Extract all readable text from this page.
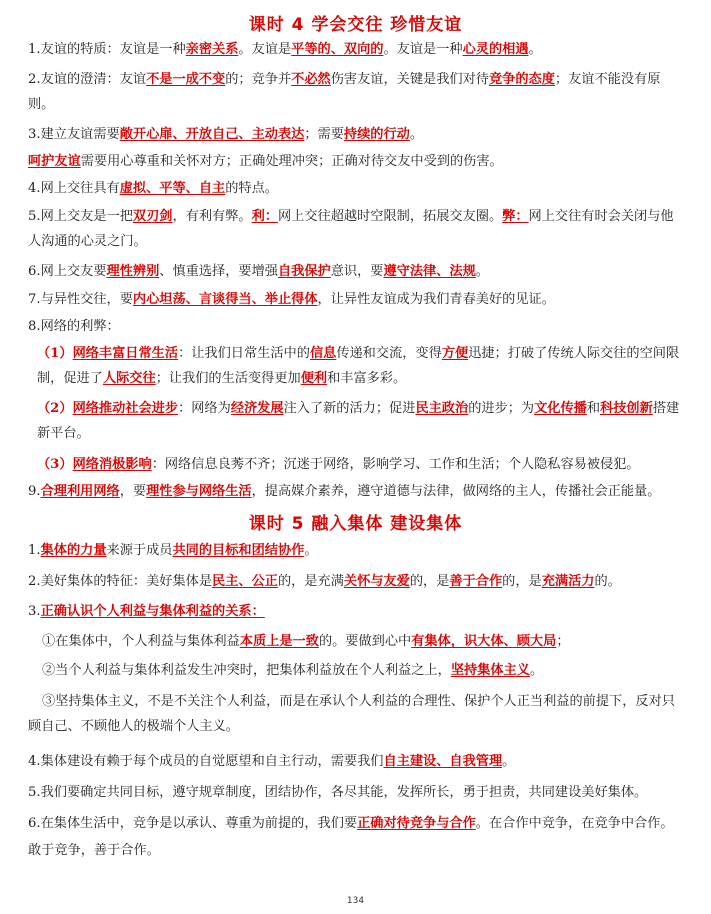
课时 4 学会交往 珍惜友谊
1.友谊的特质：友谊是一种亲密关系。友谊是平等的、双向的。友谊是一种心灵的相遇。
2.友谊的澄清：友谊不是一成不变的；竞争并不必然伤害友谊，关键是我们对待竞争的态度；友谊不能没有原则。
3.建立友谊需要敞开心扉、开放自己、主动表达；需要持续的行动。
呵护友谊需要用心尊重和关怀对方；正确处理冲突；正确对待交友中受到的伤害。
4.网上交往具有虚拟、平等、自主的特点。
5.网上交友是一把双刃剑，有利有弊。利：网上交往超越时空限制，拓展交友圈。弊：网上交往有时会关闭与他人沟通的心灵之门。
6.网上交友要理性辨别、慎重选择，要增强自我保护意识，要遵守法律、法规。
7.与异性交往，要内心坦荡、言谈得当、举止得体，让异性友谊成为我们青春美好的见证。
8.网络的利弊：
（1）网络丰富日常生活：让我们日常生活中的信息传递和交流，变得方便迅捷；打破了传统人际交往的空间限制，促进了人际交往；让我们的生活变得更加便利和丰富多彩。
（2）网络推动社会进步：网络为经济发展注入了新的活力；促进民主政治的进步；为文化传播和科技创新搭建新平台。
（3）网络消极影响：网络信息良莠不齐；沉迷于网络，影响学习、工作和生活；个人隐私容易被侵犯。
9.合理利用网络，要理性参与网络生活，提高媒介素养，遵守道德与法律，做网络的主人，传播社会正能量。
课时 5 融入集体 建设集体
1.集体的力量来源于成员共同的目标和团结协作。
2.美好集体的特征：美好集体是民主、公正的，是充满关怀与友爱的，是善于合作的，是充满活力的。
3.正确认识个人利益与集体利益的关系：
①在集体中，个人利益与集体利益本质上是一致的。要做到心中有集体，识大体、顾大局；
②当个人利益与集体利益发生冲突时，把集体利益放在个人利益之上，坚持集体主义。
③坚持集体主义，不是不关注个人利益，而是在承认个人利益的合理性、保护个人正当利益的前提下，反对只顾自己、不顾他人的极端个人主义。
4.集体建设有赖于每个成员的自觉愿望和自主行动，需要我们自主建设、自我管理。
5.我们要确定共同目标，遵守规章制度，团结协作，各尽其能，发挥所长，勇于担责，共同建设美好集体。
6.在集体生活中，竞争是以承认、尊重为前提的，我们要正确对待竞争与合作。在合作中竞争，在竞争中合作。敢于竞争，善于合作。
134
